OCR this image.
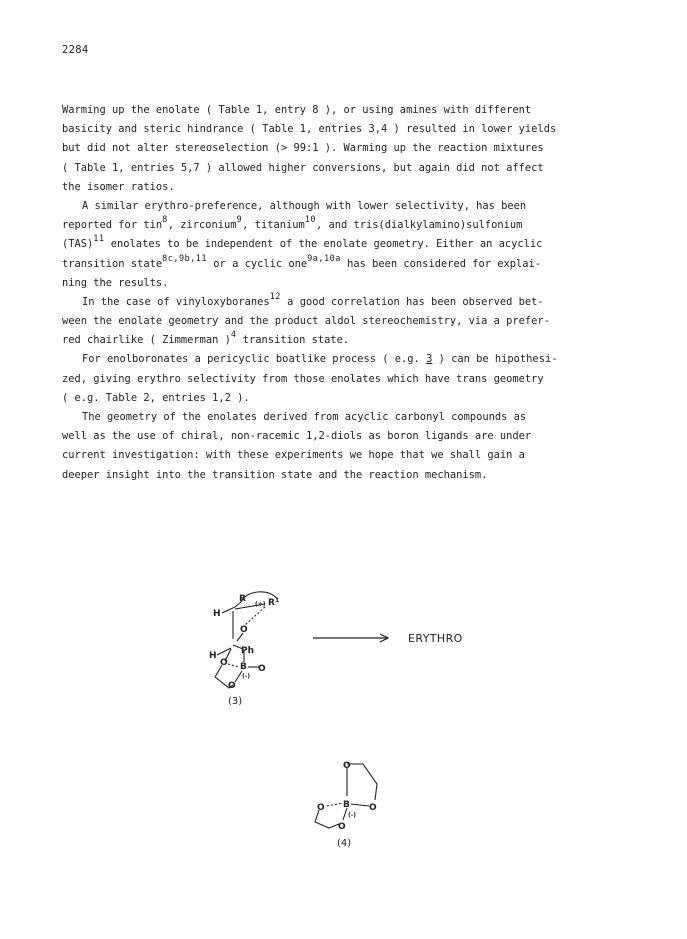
2284
Warming up the enolate ( Table 1, entry 8 ), or using amines with different
basicity and steric hindrance ( Table 1, entries 3,4 ) resulted in lower yields
but did not alter stereoselection (> 99:1 ). Warming up the reaction mixtures
( Table 1, entries 5,7 ) allowed higher conversions, but again did not affect
the isomer ratios.
A similar erythro-preference, although with lower selectivity, has been
reported for tin$^8$, zirconium$^9$, titanium$^{10}$, and tris(dialkylamino)sulfonium
(TAS)$^{11}$ enolates to be independent of the enolate geometry. Either an acyclic
transition state$^{8c,9b,11}$ or a cyclic one$^{9a,10a}$ has been considered for explai-
ning the results.
In the case of vinyloxyboranes$^{12}$ a good correlation has been observed bet-
ween the enolate geometry and the product aldol stereochemistry, via a prefer-
red chairlike ( Zimmerman )$^4$ transition state.
For enolboronates a pericyclic boatlike process ( e.g. 3 ) can be hipothesi-
zed, giving erythro selectivity from those enolates which have trans geometry
( e.g. Table 2, entries 1,2 ).
The geometry of the enolates derived from acyclic carbonyl compounds as
well as the use of chiral, non-racemic 1,2-diols as boron ligands are under
current investigation: with these experiments we hope that we shall gain a
deeper insight into the transition state and the reaction mechanism.
H
R
(+) $R^1$
O
H	Ph
O B O
(-)
O
ERYTHRO
(3)
O
O B O
(-)
O
(4)
